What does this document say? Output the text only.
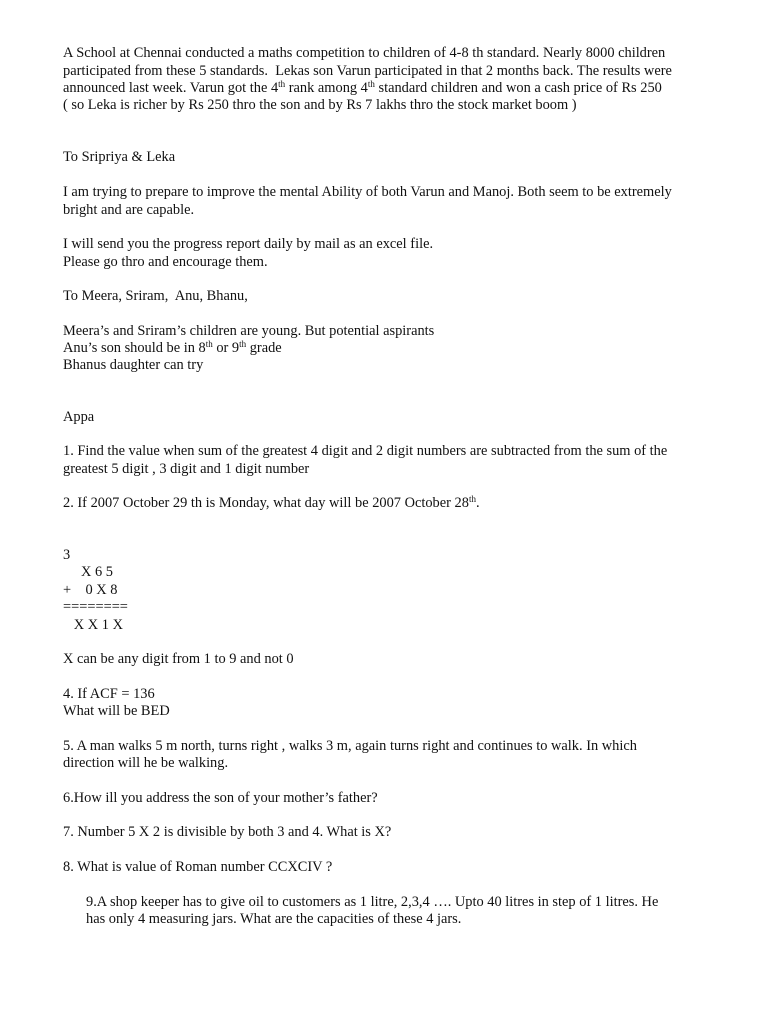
A School at Chennai conducted a maths competition to children of 4-8 th standard. Nearly 8000 children
participated from these 5 standards.  Lekas son Varun participated in that 2 months back. The results were
announced last week. Varun got the 4th rank among 4th standard children and won a cash price of Rs 250
( so Leka is richer by Rs 250 thro the son and by Rs 7 lakhs thro the stock market boom )
To Sripriya & Leka
I am trying to prepare to improve the mental Ability of both Varun and Manoj. Both seem to be extremely
bright and are capable.
I will send you the progress report daily by mail as an excel file.
Please go thro and encourage them.
To Meera, Sriram,  Anu, Bhanu,
Meera’s and Sriram’s children are young. But potential aspirants
Anu’s son should be in 8th or 9th grade
Bhanus daughter can try
Appa
1. Find the value when sum of the greatest 4 digit and 2 digit numbers are subtracted from the sum of the
greatest 5 digit , 3 digit and 1 digit number
2. If 2007 October 29 th is Monday, what day will be 2007 October 28th.
3
X 6 5
+    0 X 8
========
X X 1 X
X can be any digit from 1 to 9 and not 0
4. If ACF = 136
What will be BED
5. A man walks 5 m north, turns right , walks 3 m, again turns right and continues to walk. In which
direction will he be walking.
6.How ill you address the son of your mother’s father?
7. Number 5 X 2 is divisible by both 3 and 4. What is X?
8. What is value of Roman number CCXCIV ?
9.A shop keeper has to give oil to customers as 1 litre, 2,3,4 …. Upto 40 litres in step of 1 litres. He
has only 4 measuring jars. What are the capacities of these 4 jars.
